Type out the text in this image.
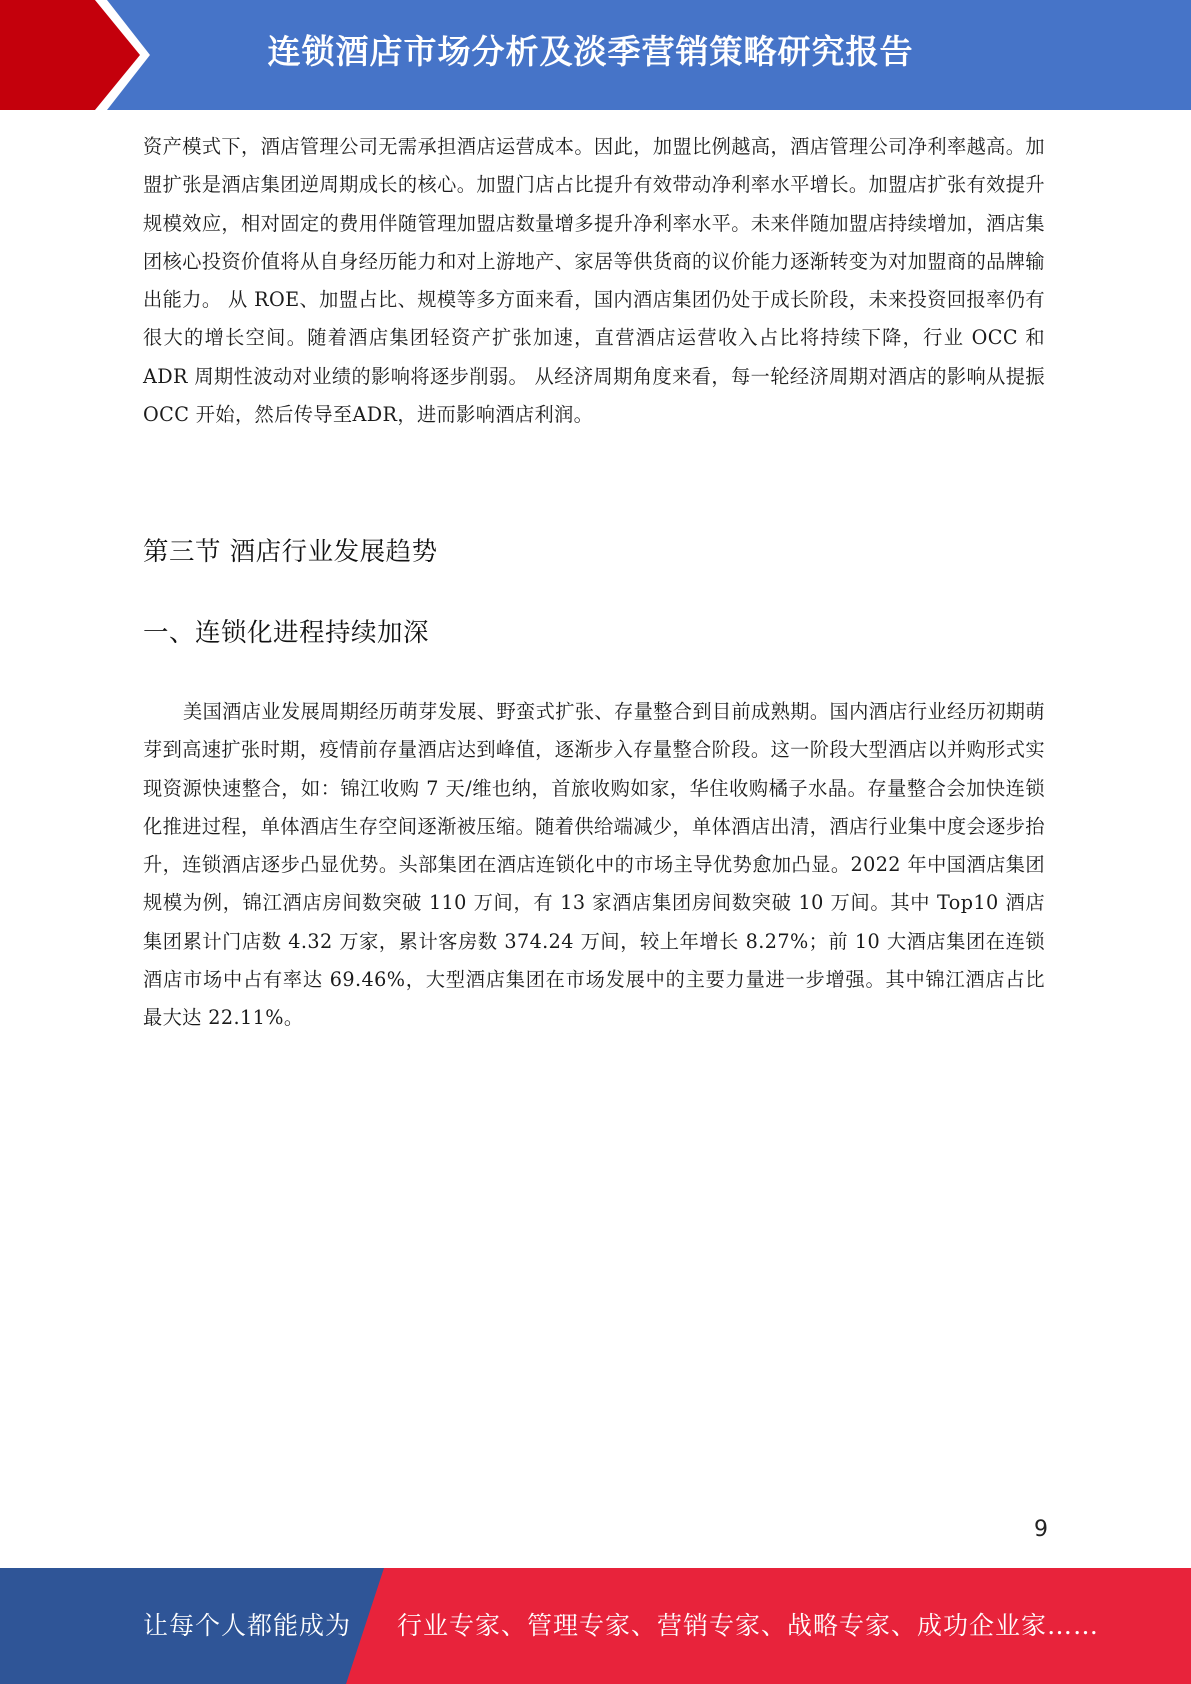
连锁酒店市场分析及淡季营销策略研究报告

资产模式下，酒店管理公司无需承担酒店运营成本。因此，加盟比例越高，酒店管理公司净利率越高。加盟扩张是酒店集团逆周期成长的核心。加盟门店占比提升有效带动净利率水平增长。加盟店扩张有效提升规模效应，相对固定的费用伴随管理加盟店数量增多提升净利率水平。未来伴随加盟店持续增加，酒店集团核心投资价值将从自身经历能力和对上游地产、家居等供货商的议价能力逐渐转变为对加盟商的品牌输出能力。 从 ROE、加盟占比、规模等多方面来看，国内酒店集团仍处于成长阶段，未来投资回报率仍有很大的增长空间。随着酒店集团轻资产扩张加速，直营酒店运营收入占比将持续下降，行业 OCC 和 ADR 周期性波动对业绩的影响将逐步削弱。 从经济周期角度来看，每一轮经济周期对酒店的影响从提振OCC 开始，然后传导至ADR，进而影响酒店利润。

第三节 酒店行业发展趋势
一、连锁化进程持续加深

美国酒店业发展周期经历萌芽发展、野蛮式扩张、存量整合到目前成熟期。国内酒店行业经历初期萌芽到高速扩张时期，疫情前存量酒店达到峰值，逐渐步入存量整合阶段。这一阶段大型酒店以并购形式实现资源快速整合，如：锦江收购 7 天/维也纳，首旅收购如家，华住收购橘子水晶。存量整合会加快连锁化推进过程，单体酒店生存空间逐渐被压缩。随着供给端减少，单体酒店出清，酒店行业集中度会逐步抬升，连锁酒店逐步凸显优势。头部集团在酒店连锁化中的市场主导优势愈加凸显。2022 年中国酒店集团规模为例，锦江酒店房间数突破 110 万间，有 13 家酒店集团房间数突破 10 万间。其中 Top10 酒店集团累计门店数 4.32 万家，累计客房数 374.24 万间，较上年增长 8.27%；前 10 大酒店集团在连锁酒店市场中占有率达 69.46%，大型酒店集团在市场发展中的主要力量进一步增强。其中锦江酒店占比最大达 22.11%。

9
让每个人都能成为 行业专家、管理专家、营销专家、战略专家、成功企业家……
